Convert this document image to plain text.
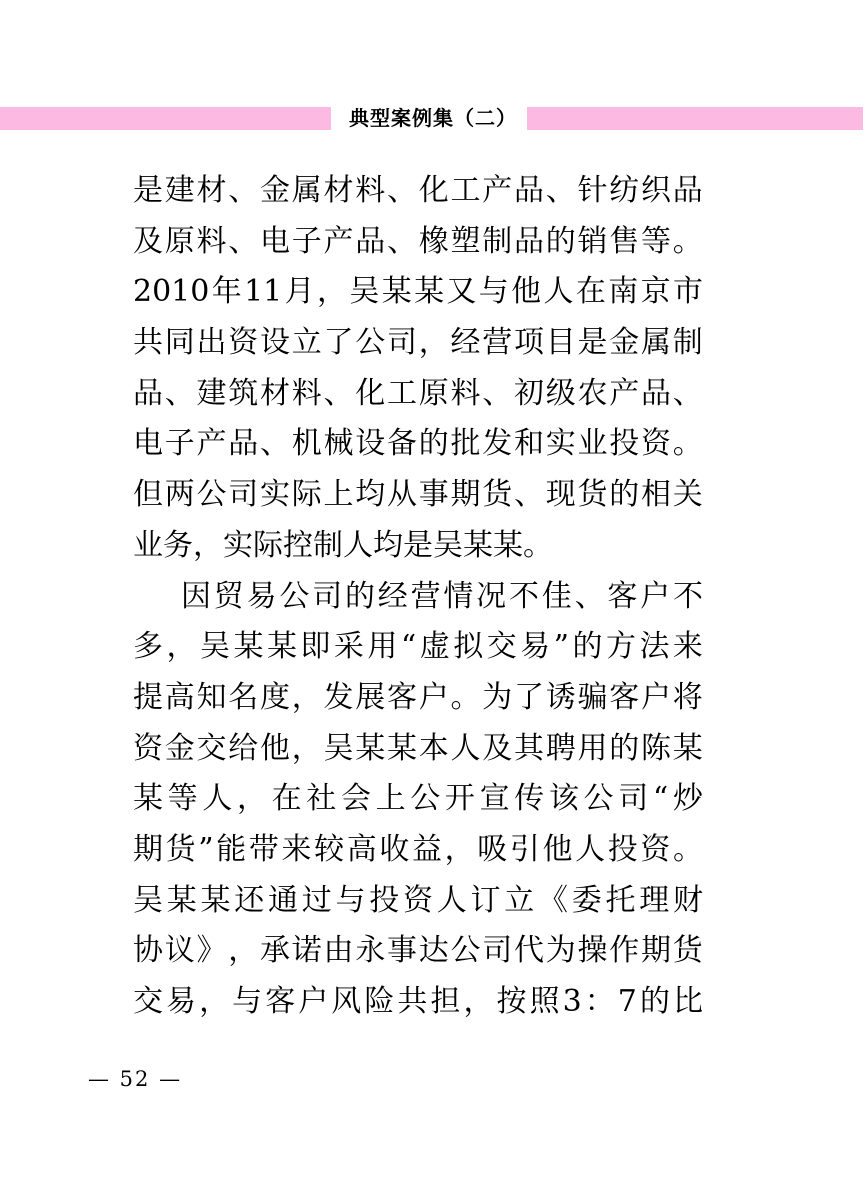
典型案例集（二）
是 建 材 、 金 属 材 料 、 化 工 产 品 、 针 纺 织 品
及 原 料 、 电 子 产 品 、 橡 塑 制 品 的 销 售 等 。
2010 年 11 月 ， 吴 某 某 又 与 他 人 在 南 京 市
共 同 出 资 设 立 了 公 司 ， 经 营 项 目 是 金 属 制
品 、 建 筑 材 料 、 化 工 原 料 、 初 级 农 产 品 、
电 子 产 品 、 机 械 设 备 的 批 发 和 实 业 投 资 。
但 两 公 司 实 际 上 均 从 事 期 货 、 现 货 的 相 关
业务，实际控制人均是吴某某。
因 贸 易 公 司 的 经 营 情 况 不 佳 、 客 户 不
多 ， 吴 某 某 即 采 用 “ 虚 拟 交 易 ” 的 方 法 来
提 高 知 名 度 ， 发 展 客 户 。 为 了 诱 骗 客 户 将
资 金 交 给 他 ， 吴 某 某 本 人 及 其 聘 用 的 陈 某
某 等 人 ， 在 社 会 上 公 开 宣 传 该 公 司 “ 炒
期 货 ” 能 带 来 较 高 收 益 ， 吸 引 他 人 投 资 。
吴 某 某 还 通 过 与 投 资 人 订 立 《 委 托 理 财
协 议 》 ， 承 诺 由 永 事 达 公 司 代 为 操 作 期 货
交 易 ， 与 客 户 风 险 共 担 ， 按 照 3 ： 7 的 比
— 52 —
